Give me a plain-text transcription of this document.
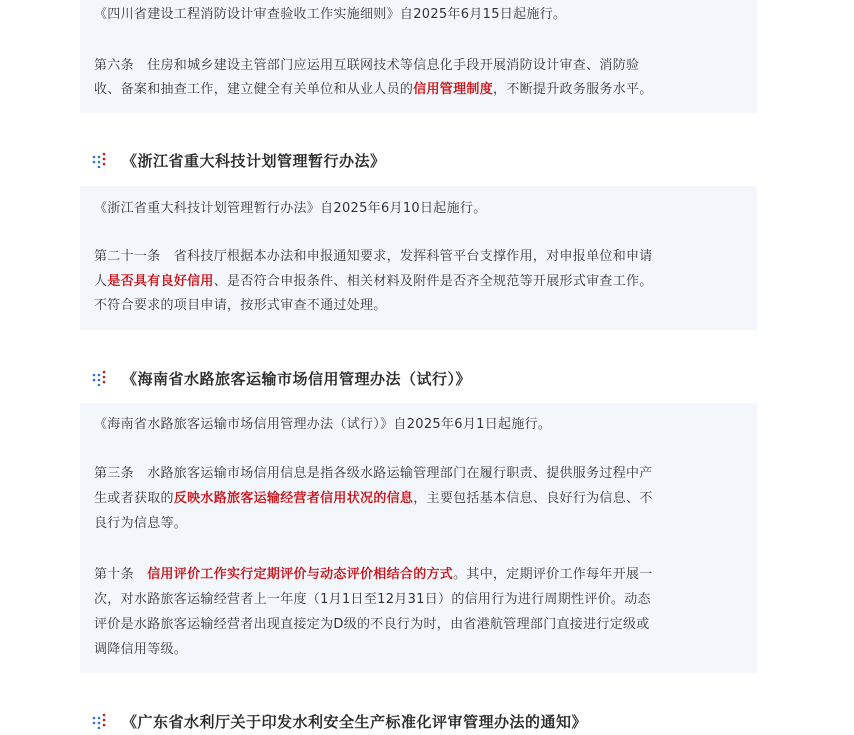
《四川省建设工程消防设计审查验收工作实施细则》自2025年6月15日起施行。

第六条　住房和城乡建设主管部门应运用互联网技术等信息化手段开展消防设计审查、消防验

收、备案和抽查工作，建立健全有关单位和从业人员的信用管理制度，不断提升政务服务水平。

《浙江省重大科技计划管理暂行办法》

《浙江省重大科技计划管理暂行办法》自2025年6月10日起施行。

第二十一条　省科技厅根据本办法和申报通知要求，发挥科管平台支撑作用，对申报单位和申请

人是否具有良好信用、是否符合申报条件、相关材料及附件是否齐全规范等开展形式审查工作。

不符合要求的项目申请，按形式审查不通过处理。

《海南省水路旅客运输市场信用管理办法（试行）》

《海南省水路旅客运输市场信用管理办法（试行）》自2025年6月1日起施行。

第三条　水路旅客运输市场信用信息是指各级水路运输管理部门在履行职责、提供服务过程中产

生或者获取的反映水路旅客运输经营者信用状况的信息，主要包括基本信息、良好行为信息、不

良行为信息等。

第十条　信用评价工作实行定期评价与动态评价相结合的方式。其中，定期评价工作每年开展一

次，对水路旅客运输经营者上一年度（1月1日至12月31日）的信用行为进行周期性评价。动态

评价是水路旅客运输经营者出现直接定为D级的不良行为时，由省港航管理部门直接进行定级或

调降信用等级。

《广东省水利厅关于印发水利安全生产标准化评审管理办法的通知》
